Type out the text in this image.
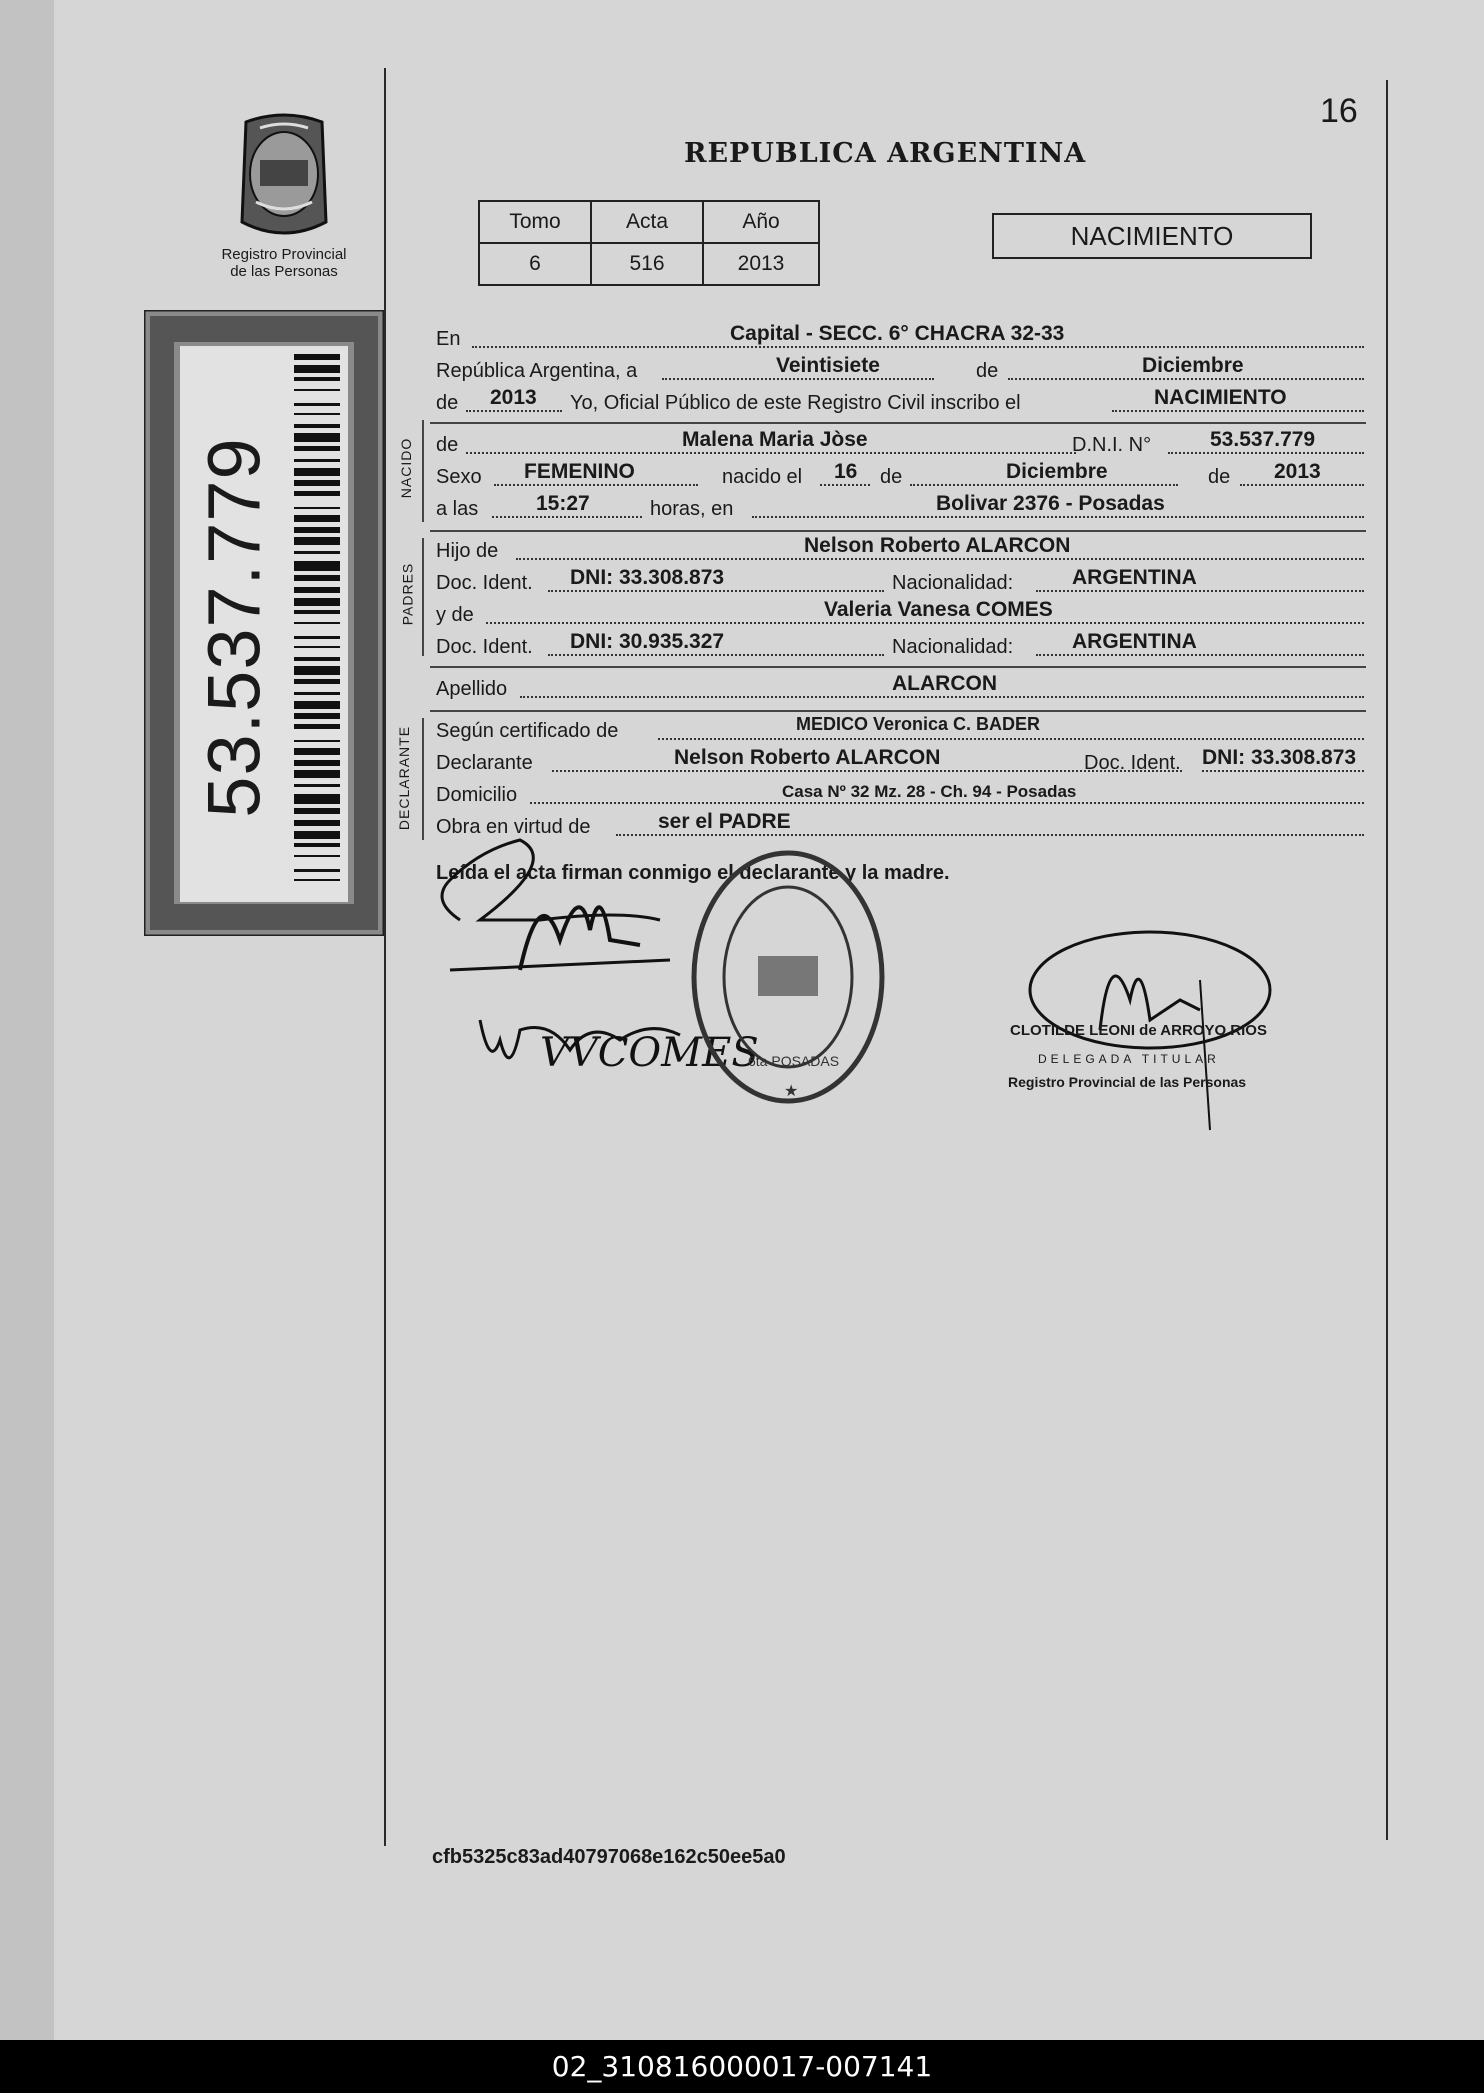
16
Registro Provincial
de las Personas
REPUBLICA ARGENTINA
Tomo	Acta	Año
6	516	2013
NACIMIENTO
53.537.779	NACIDO
PADRES
DECLARANTE
En	Capital - SECC. 6° CHACRA 32-33
República Argentina, a	Veintisiete	de	Diciembre
de 2013 Yo, Oficial Público de este Registro Civil inscribo el	NACIMIENTO
de	Malena Maria Jòse	D.N.I. N°	53.537.779
Sexo FEMENINO	nacido el 16 de	Diciembre	de 2013
a las	15:27	horas, en	Bolivar 2376 - Posadas
Hijo de	Nelson Roberto ALARCON
Doc. Ident. DNI: 33.308.873	Nacionalidad:	ARGENTINA
y de	Valeria Vanesa COMES
Doc. Ident. DNI: 30.935.327	Nacionalidad:	ARGENTINA
Apellido	ALARCON
Según certificado de	MEDICO Veronica C. BADER
Declarante	Nelson Roberto ALARCON	Doc. Ident. DNI: 33.308.873
Domicilio	Casa Nº 32 Mz. 28 - Ch. 94 - Posadas
Obra en virtud de	ser el PADRE
Leída el acta firman conmigo el declarante y la madre.
VVCOMES
6ta POSADAS
★
CLOTILDE LEONI de ARROYO RIOS
DELEGADA TITULAR
Registro Provincial de las Personas
cfb5325c83ad40797068e162c50ee5a0
02_310816000017-007141
